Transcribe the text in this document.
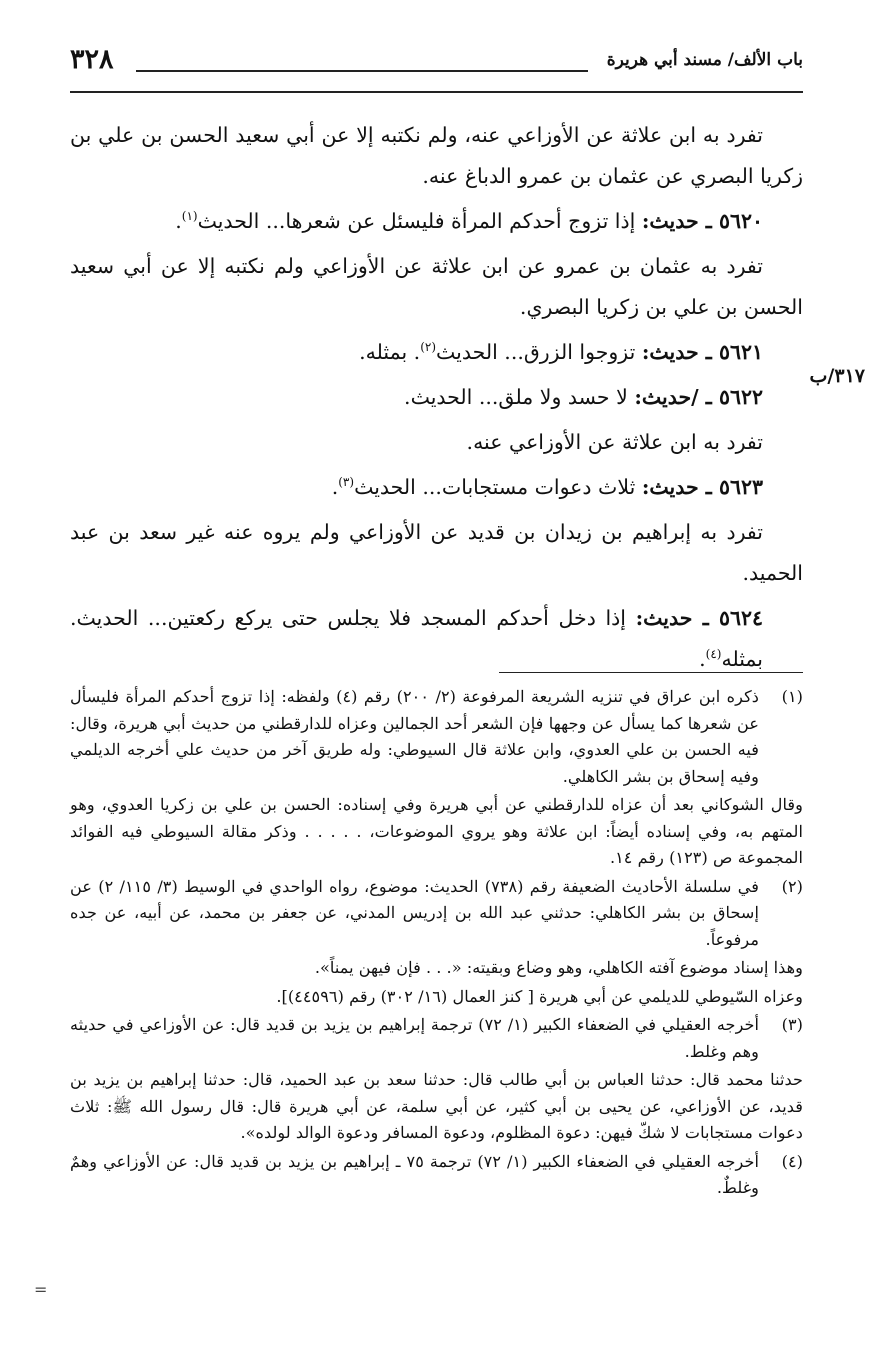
٣٢٨	باب الألف/ مسند أبي هريرة
٣١٧/ب

تفرد به ابن علاثة عن الأوزاعي عنه، ولم نكتبه إلا عن أبي سعيد الحسن بن علي بن زكريا البصري عن عثمان بن عمرو الدباغ عنه.

٥٦٢٠ ـ حديث: إذا تزوج أحدكم المرأة فليسئل عن شعرها... الحديث$^{(١)}$.

تفرد به عثمان بن عمرو عن ابن علاثة عن الأوزاعي ولم نكتبه إلا عن أبي سعيد الحسن بن علي بن زكريا البصري.

٥٦٢١ ـ حديث: تزوجوا الزرق... الحديث$^{(٢)}$. بمثله.

٥٦٢٢ ـ /حديث: لا حسد ولا ملق... الحديث.

تفرد به ابن علاثة عن الأوزاعي عنه.

٥٦٢٣ ـ حديث: ثلاث دعوات مستجابات... الحديث$^{(٣)}$.

تفرد به إبراهيم بن زيدان بن قديد عن الأوزاعي ولم يروه عنه غير سعد بن عبد الحميد.

٥٦٢٤ ـ حديث: إذا دخل أحدكم المسجد فلا يجلس حتى يركع ركعتين... الحديث. بمثله$^{(٤)}$.

(١)
ذكره ابن عراق في تنزيه الشريعة المرفوعة (٢/ ٢٠٠) رقم (٤) ولفظه: إذا تزوج أحدكم المرأة فليسأل عن شعرها كما يسأل عن وجهها فإن الشعر أحد الجمالين وعزاه للدارقطني من حديث أبي هريرة، وقال: فيه الحسن بن علي العدوي، وابن علاثة قال السيوطي: وله طريق آخر من حديث علي أخرجه الديلمي وفيه إسحاق بن بشر الكاهلي.

وقال الشوكاني بعد أن عزاه للدارقطني عن أبي هريرة وفي إسناده: الحسن بن علي بن زكريا العدوي، وهو المتهم به، وفي إسناده أيضاً: ابن علاثة وهو يروي الموضوعات، . . . . . وذكر مقالة السيوطي فيه الفوائد المجموعة ص (١٢٣) رقم ١٤.

(٢)
في سلسلة الأحاديث الضعيفة رقم (٧٣٨) الحديث: موضوع، رواه الواحدي في الوسيط (٣/ ١١٥/ ٢) عن إسحاق بن بشر الكاهلي: حدثني عبد الله بن إدريس المدني، عن جعفر بن محمد، عن أبيه، عن جده مرفوعاً.

وهذا إسناد موضوع آفته الكاهلي، وهو وضاع وبقيته: «. . . فإن فيهن يمناً».

وعزاه السّيوطي للديلمي عن أبي هريرة [ كنز العمال (١٦/ ٣٠٢) رقم (٤٤٥٩٦)].

(٣)
أخرجه العقيلي في الضعفاء الكبير (١/ ٧٢) ترجمة إبراهيم بن يزيد بن قديد قال: عن الأوزاعي في حديثه وهم وغلط.

حدثنا محمد قال: حدثنا العباس بن أبي طالب قال: حدثنا سعد بن عبد الحميد، قال: حدثنا إبراهيم بن يزيد بن قديد، عن الأوزاعي، عن يحيى بن أبي كثير، عن أبي سلمة، عن أبي هريرة قال: قال رسول الله ﷺ: ثلاث دعوات مستجابات لا شكّ فيهن: دعوة المظلوم، ودعوة المسافر ودعوة الوالد لولده».

(٤)
أخرجه العقيلي في الضعفاء الكبير (١/ ٧٢) ترجمة ٧٥ ـ إبراهيم بن يزيد بن قديد قال: عن الأوزاعي وهمٌ وغلطٌ.
=
